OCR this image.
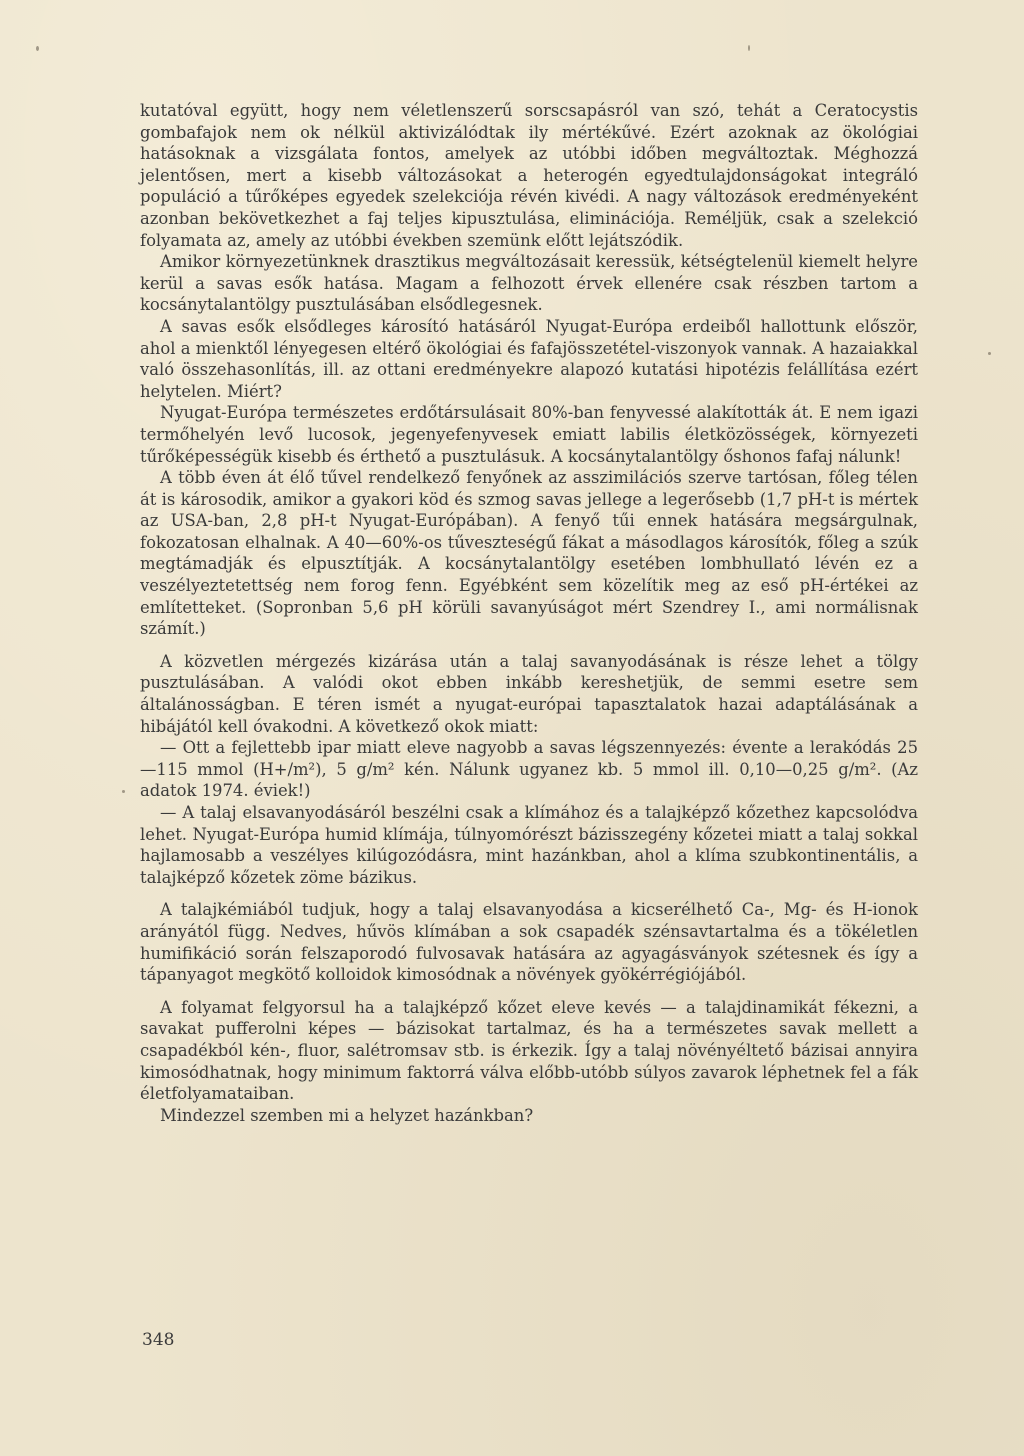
kutatóval együtt, hogy nem véletlenszerű sorscsapásról van szó, tehát a Ceratocystis gombafajok nem ok nélkül aktivizálódtak ily mértékűvé. Ezért azoknak az ökológiai hatásoknak a vizsgálata fontos, amelyek az utóbbi időben megváltoztak. Méghozzá jelentősen, mert a kisebb változásokat a heterogén egyedtulajdonságokat integráló populáció a tűrőképes egyedek szelekciója révén kivédi. A nagy változások eredményeként azonban bekövetkezhet a faj teljes kipusztulása, eliminációja. Reméljük, csak a szelekció folyamata az, amely az utóbbi években szemünk előtt lejátszódik.

Amikor környezetünknek drasztikus megváltozásait keressük, kétségtelenül kiemelt helyre kerül a savas esők hatása. Magam a felhozott érvek ellenére csak részben tartom a kocsánytalantölgy pusztulásában elsődlegesnek.

A savas esők elsődleges károsító hatásáról Nyugat-Európa erdeiből hallottunk először, ahol a mienktől lényegesen eltérő ökológiai és fafajösszetétel-viszonyok vannak. A hazaiakkal való összehasonlítás, ill. az ottani eredményekre alapozó kutatási hipotézis felállítása ezért helytelen. Miért?

Nyugat-Európa természetes erdőtársulásait 80%-ban fenyvessé alakították át. E nem igazi termőhelyén levő lucosok, jegenyefenyvesek emiatt labilis életközösségek, környezeti tűrőképességük kisebb és érthető a pusztulásuk. A kocsánytalantölgy őshonos fafaj nálunk!

A több éven át élő tűvel rendelkező fenyőnek az asszimilációs szerve tartósan, főleg télen át is károsodik, amikor a gyakori köd és szmog savas jellege a legerősebb (1,7 pH-t is mértek az USA-ban, 2,8 pH-t Nyugat-Európában). A fenyő tűi ennek hatására megsárgulnak, fokozatosan elhalnak. A 40—60%-os tűveszteségű fákat a másodlagos károsítók, főleg a szúk megtámadják és elpusztítják. A kocsánytalantölgy esetében lombhullató lévén ez a veszélyeztetettség nem forog fenn. Egyébként sem közelítik meg az eső pH-értékei az említetteket. (Sopronban 5,6 pH körüli savanyúságot mért Szendrey I., ami normálisnak számít.)

A közvetlen mérgezés kizárása után a talaj savanyodásának is része lehet a tölgy pusztulásában. A valódi okot ebben inkább kereshetjük, de semmi esetre sem általánosságban. E téren ismét a nyugat-európai tapasztalatok hazai adaptálásának a hibájától kell óvakodni. A következő okok miatt:

— Ott a fejlettebb ipar miatt eleve nagyobb a savas légszennyezés: évente a lerakódás 25—115 mmol (H+/m²), 5 g/m² kén. Nálunk ugyanez kb. 5 mmol ill. 0,10—0,25 g/m². (Az adatok 1974. éviek!)

— A talaj elsavanyodásáról beszélni csak a klímához és a talajképző kőzethez kapcsolódva lehet. Nyugat-Európa humid klímája, túlnyomórészt bázisszegény kőzetei miatt a talaj sokkal hajlamosabb a veszélyes kilúgozódásra, mint hazánkban, ahol a klíma szubkontinentális, a talajképző kőzetek zöme bázikus.

A talajkémiából tudjuk, hogy a talaj elsavanyodása a kicserélhető Ca-, Mg- és H-ionok arányától függ. Nedves, hűvös klímában a sok csapadék szénsavtartalma és a tökéletlen humifikáció során felszaporodó fulvosavak hatására az agyagásványok szétesnek és így a tápanyagot megkötő kolloidok kimosódnak a növények gyökérrégiójából.

A folyamat felgyorsul ha a talajképző kőzet eleve kevés — a talajdinamikát fékezni, a savakat pufferolni képes — bázisokat tartalmaz, és ha a természetes savak mellett a csapadékból kén-, fluor, salétromsav stb. is érkezik. Így a talaj növényéltető bázisai annyira kimosódhatnak, hogy minimum faktorrá válva előbb-utóbb súlyos zavarok léphetnek fel a fák életfolyamataiban.

Mindezzel szemben mi a helyzet hazánkban?

348
